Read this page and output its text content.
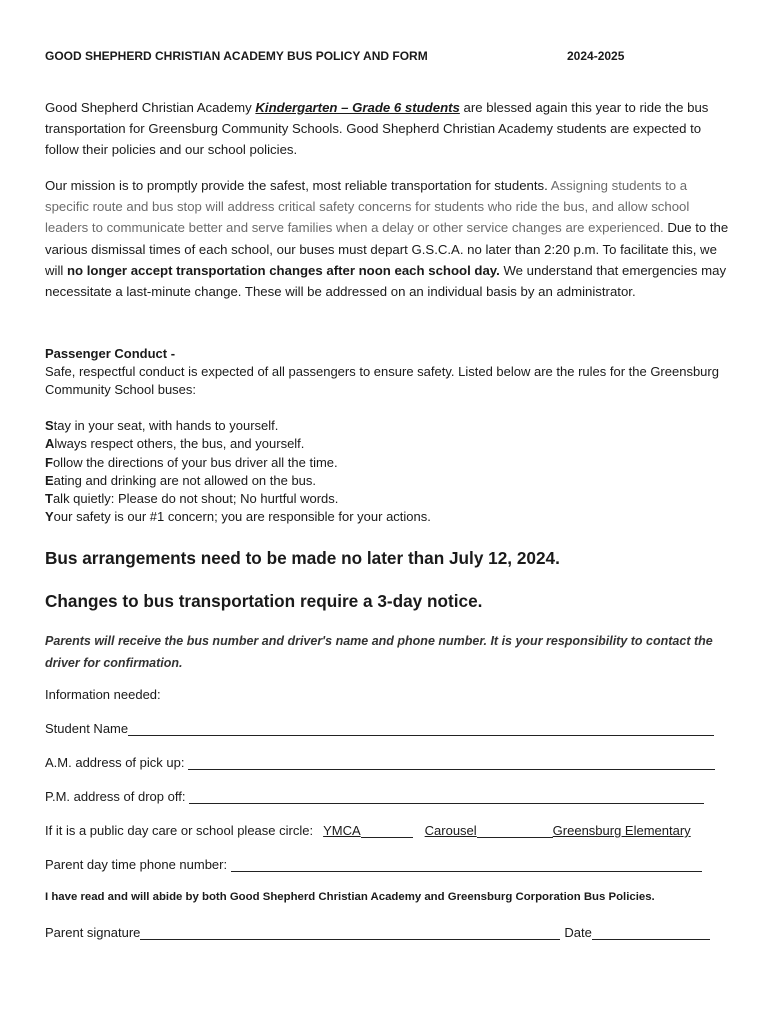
GOOD SHEPHERD CHRISTIAN ACADEMY BUS POLICY AND FORM	2024-2025
Good Shepherd Christian Academy Kindergarten – Grade 6 students are blessed again this year to ride the bus transportation for Greensburg Community Schools. Good Shepherd Christian Academy students are expected to follow their policies and our school policies.
Our mission is to promptly provide the safest, most reliable transportation for students. Assigning students to a specific route and bus stop will address critical safety concerns for students who ride the bus, and allow school leaders to communicate better and serve families when a delay or other service changes are experienced. Due to the various dismissal times of each school, our buses must depart G.S.C.A. no later than 2:20 p.m. To facilitate this, we will no longer accept transportation changes after noon each school day. We understand that emergencies may necessitate a last-minute change. These will be addressed on an individual basis by an administrator.
Passenger Conduct -
Safe, respectful conduct is expected of all passengers to ensure safety. Listed below are the rules for the Greensburg Community School buses:
Stay in your seat, with hands to yourself.
Always respect others, the bus, and yourself.
Follow the directions of your bus driver all the time.
Eating and drinking are not allowed on the bus.
Talk quietly: Please do not shout; No hurtful words.
Your safety is our #1 concern; you are responsible for your actions.
Bus arrangements need to be made no later than July 12, 2024.
Changes to bus transportation require a 3-day notice.
Parents will receive the bus number and driver's name and phone number. It is your responsibility to contact the driver for confirmation.
Information needed:
Student Name
A.M. address of pick up:
P.M. address of drop off:
If it is a public day care or school please circle: YMCA	Carousel	Greensburg Elementary
Parent day time phone number:
I have read and will abide by both Good Shepherd Christian Academy and Greensburg Corporation Bus Policies.
Parent signature	Date
